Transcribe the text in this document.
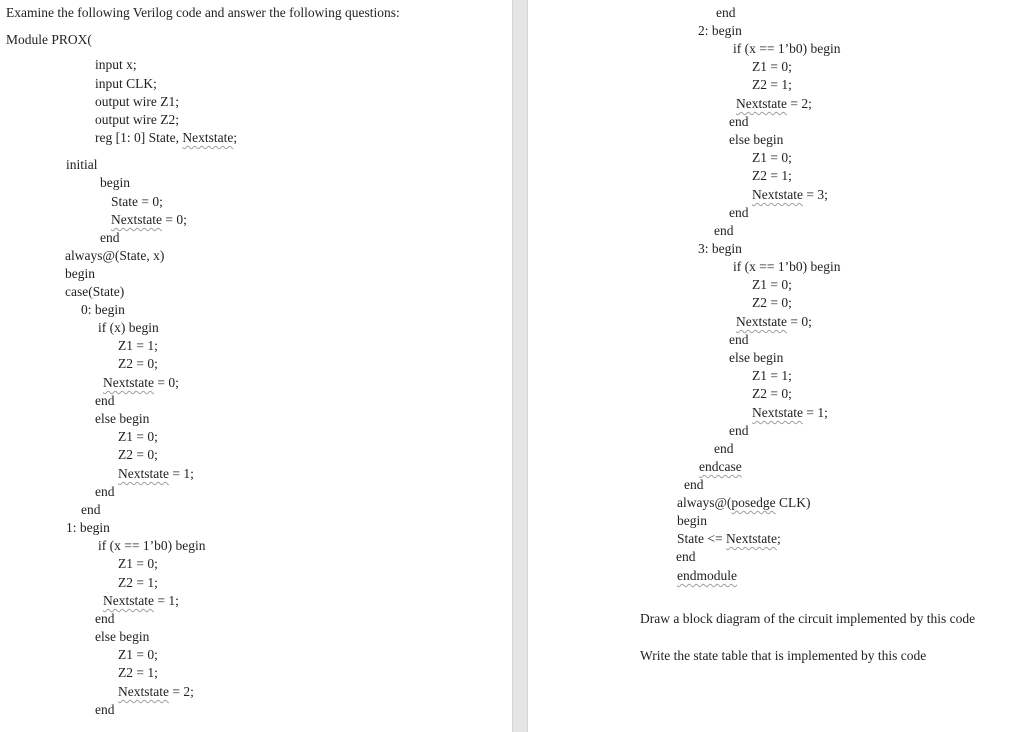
Examine the following Verilog code and answer the following questions:
Module PROX(
input x;
input CLK;
output wire Z1;
output wire Z2;
reg [1: 0] State, Nextstate;
initial
begin
State = 0;
Nextstate = 0;
end
always@(State, x)
begin
case(State)
0: begin
if (x) begin
Z1 = 1;
Z2 = 0;
Nextstate = 0;
end
else begin
Z1 = 0;
Z2 = 0;
Nextstate = 1;
end
end
1: begin
if (x == 1’b0) begin
Z1 = 0;
Z2 = 1;
Nextstate = 1;
end
else begin
Z1 = 0;
Z2 = 1;
Nextstate = 2;
end
Draw a block diagram of the circuit implemented by this code
Write the state table that is implemented by this code
end
2: begin
if (x == 1’b0) begin
Z1 = 0;
Z2 = 1;
Nextstate = 2;
end
else begin
Z1 = 0;
Z2 = 1;
Nextstate = 3;
end
end
3: begin
if (x == 1’b0) begin
Z1 = 0;
Z2 = 0;
Nextstate = 0;
end
else begin
Z1 = 1;
Z2 = 0;
Nextstate = 1;
end
end
endcase
end
always@(posedge CLK)
begin
State <= Nextstate;
end
endmodule
